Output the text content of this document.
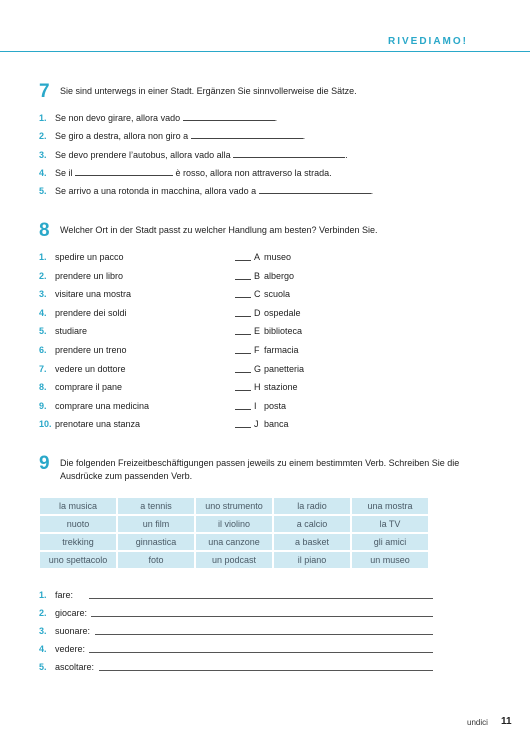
RIVEDIAMO!
7 Sie sind unterwegs in einer Stadt. Ergänzen Sie sinnvollerweise die Sätze.
1. Se non devo girare, allora vado	.
2. Se giro a destra, allora non giro a	.
3. Se devo prendere l’autobus, allora vado alla	.
4. Se il	è rosso, allora non attraverso la strada.
5. Se arrivo a una rotonda in macchina, allora vado a	.
8 Welcher Ort in der Stadt passt zu welcher Handlung am besten? Verbinden Sie.
1. spedire un pacco	A museo
2. prendere un libro	B albergo
3. visitare una mostra	C scuola
4. prendere dei soldi	D ospedale
5. studiare	E biblioteca
6. prendere un treno	F farmacia
7. vedere un dottore	G panetteria
8. comprare il pane	H stazione
9. comprare una medicina	I posta
10. prenotare una stanza	J banca
9 Die folgenden Freizeitbeschäftigungen passen jeweils zu einem bestimmten Verb. Schreiben Sie die Ausdrücke zum passenden Verb.
la musica	a tennis	uno strumento	la radio	una mostra
nuoto	un film	il violino	a calcio	la TV
trekking	ginnastica	una canzone	a basket	gli amici
uno spettacolo	foto	un podcast	il piano	un museo
1. fare:
2. giocare:
3. suonare:
4. vedere:
5. ascoltare:
undici 11
